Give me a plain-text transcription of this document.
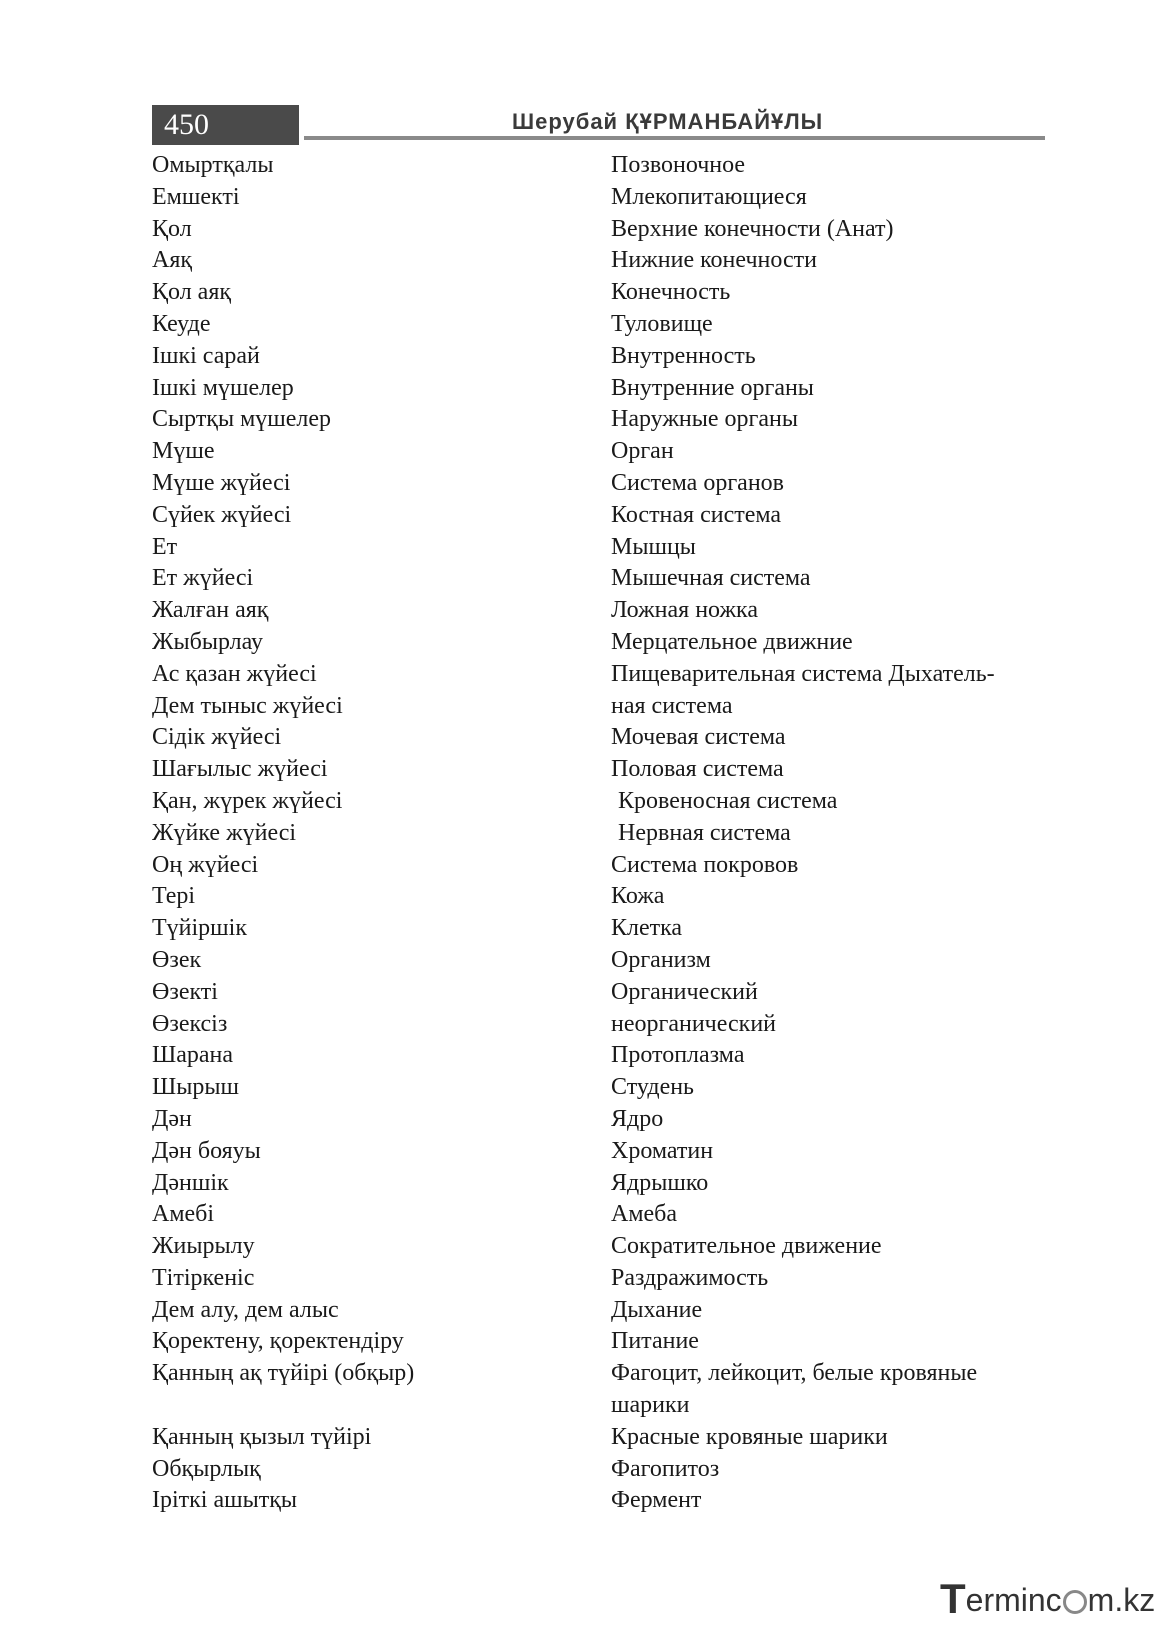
450	Шерубай ҚҰРМАНБАЙҰЛЫ
Омыртқалы	Позвоночное
Емшекті	Млекопитающиеся
Қол	Верхние конечности (Анат)
Аяқ	Нижние конечности
Қол аяқ	Конечность
Кеуде	Туловище
Ішкі сарай	Внутренность
Ішкі мүшелер	Внутренние органы
Сыртқы мүшелер	Наружные органы
Мүше	Орган
Мүше жүйесі	Система органов
Сүйек жүйесі	Костная система
Ет	Мышцы
Ет жүйесі	Мышечная система
Жалған аяқ	Ложная ножка
Жыбырлау	Мерцательное движние
Ас қазан жүйесі	Пищеварительная система Дыхатель-
Дем тыныс жүйесі	ная система
Сідік жүйесі	Мочевая система
Шағылыс жүйесі	Половая система
Қан, жүрек жүйесі	Кровеносная система
Жүйке жүйесі	Нервная система
Оң жүйесі	Система покровов
Тері	Кожа
Түйіршік	Клетка
Өзек	Организм
Өзекті	Органический
Өзексіз	неорганический
Шарана	Протоплазма
Шырыш	Студень
Дән	Ядро
Дән бояуы	Хроматин
Дәншік	Ядрышко
Амебі	Амеба
Жиырылу	Сократительное движение
Тітіркеніс	Раздражимость
Дем алу, дем алыс	Дыхание
Қоректену, қоректендіру	Питание
Қанның ақ түйірі (обқыр)	Фагоцит, лейкоцит, белые кровяные
шарики
Қанның қызыл түйірі	Красные кровяные шарики
Обқырлық	Фагопитоз
Іріткі ашытқы	Фермент
Terminc m.kz
